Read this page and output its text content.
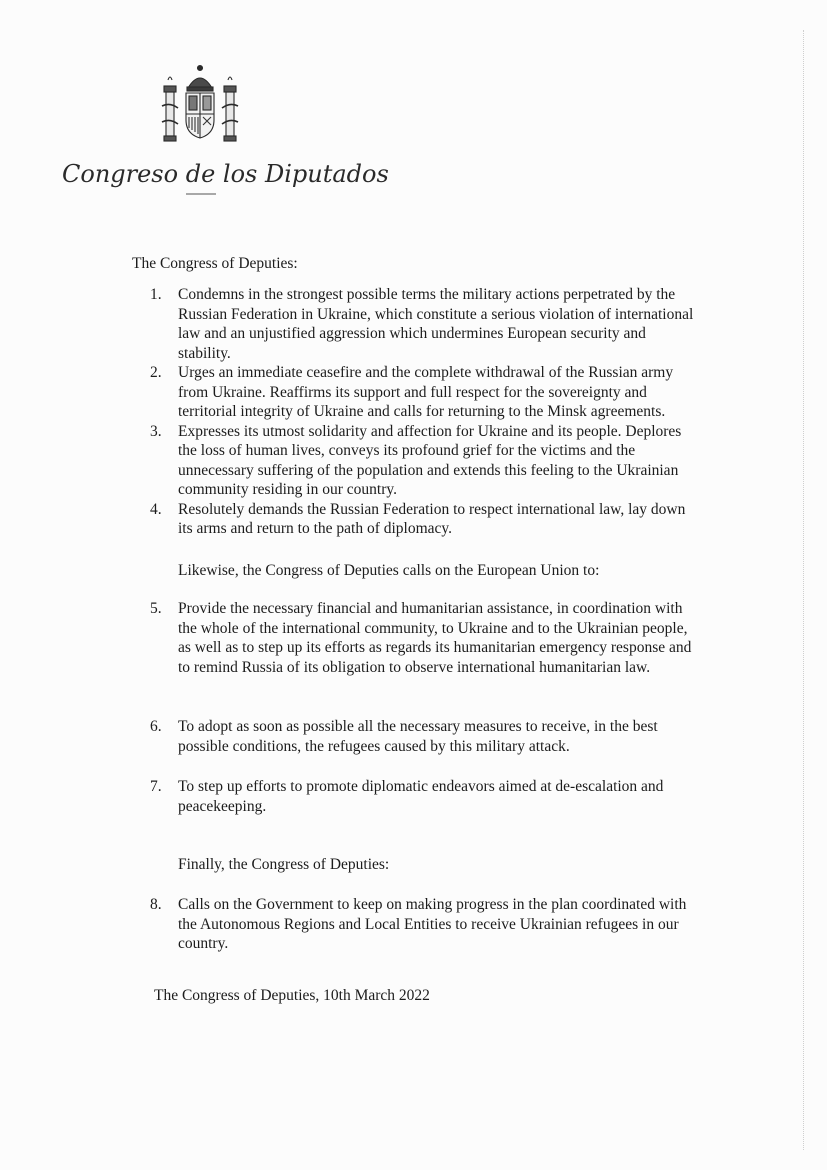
Congreso de los Diputados
The Congress of Deputies:
1.	Condemns in the strongest possible terms the military actions perpetrated by the Russian Federation in Ukraine, which constitute a serious violation of international law and an unjustified aggression which undermines European security and stability.
2.	Urges an immediate ceasefire and the complete withdrawal of the Russian army from Ukraine. Reaffirms its support and full respect for the sovereignty and territorial integrity of Ukraine and calls for returning to the Minsk agreements.
3.	Expresses its utmost solidarity and affection for Ukraine and its people. Deplores the loss of human lives, conveys its profound grief for the victims and the unnecessary suffering of the population and extends this feeling to the Ukrainian community residing in our country.
4.	Resolutely demands the Russian Federation to respect international law, lay down its arms and return to the path of diplomacy.
Likewise, the Congress of Deputies calls on the European Union to:
5.	Provide the necessary financial and humanitarian assistance, in coordination with the whole of the international community, to Ukraine and to the Ukrainian people, as well as to step up its efforts as regards its humanitarian emergency response and to remind Russia of its obligation to observe international humanitarian law.
6.	To adopt as soon as possible all the necessary measures to receive, in the best possible conditions, the refugees caused by this military attack.
7.	To step up efforts to promote diplomatic endeavors aimed at de-escalation and peacekeeping.
Finally, the Congress of Deputies:
8.	Calls on the Government to keep on making progress in the plan coordinated with the Autonomous Regions and Local Entities to receive Ukrainian refugees in our country.
The Congress of Deputies, 10th March 2022
